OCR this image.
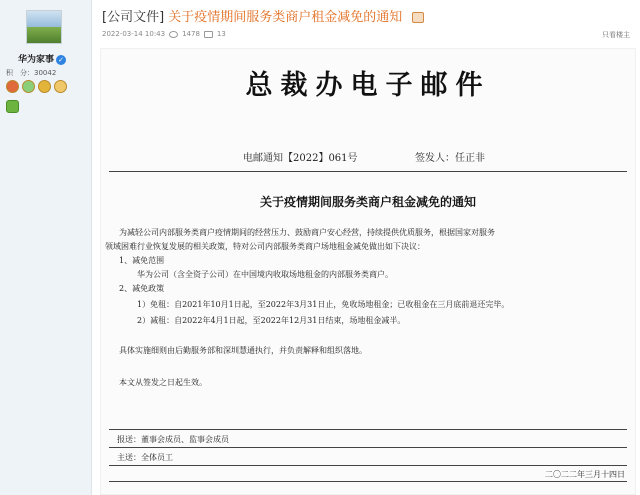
华为家事 ✓
积　分：30042
[公司文件] 关于疫情期间服务类商户租金减免的通知
2022-03-14 10:43 1478 13	只看楼主
总裁办电子邮件
电邮通知【2022】061号	签发人：任正非
关于疫情期间服务类商户租金减免的通知
为减轻公司内部服务类商户疫情期间的经营压力、鼓励商户安心经营，持续提供优质服务，根据国家对服务
领域困难行业恢复发展的相关政策，特对公司内部服务类商户场地租金减免做出如下决议：
1、减免范围
华为公司（含全资子公司）在中国境内收取场地租金的内部服务类商户。
2、减免政策
1）免租：自2021年10月1日起，至2022年3月31日止，免收场地租金；已收租金在三月底前退还完毕。
2）减租：自2022年4月1日起，至2022年12月31日结束，场地租金减半。
具体实施细则由后勤服务部和深圳慧通执行，并负责解释和组织落地。
本文从签发之日起生效。
报送：董事会成员、监事会成员
主送：全体员工
二〇二二年三月十四日
